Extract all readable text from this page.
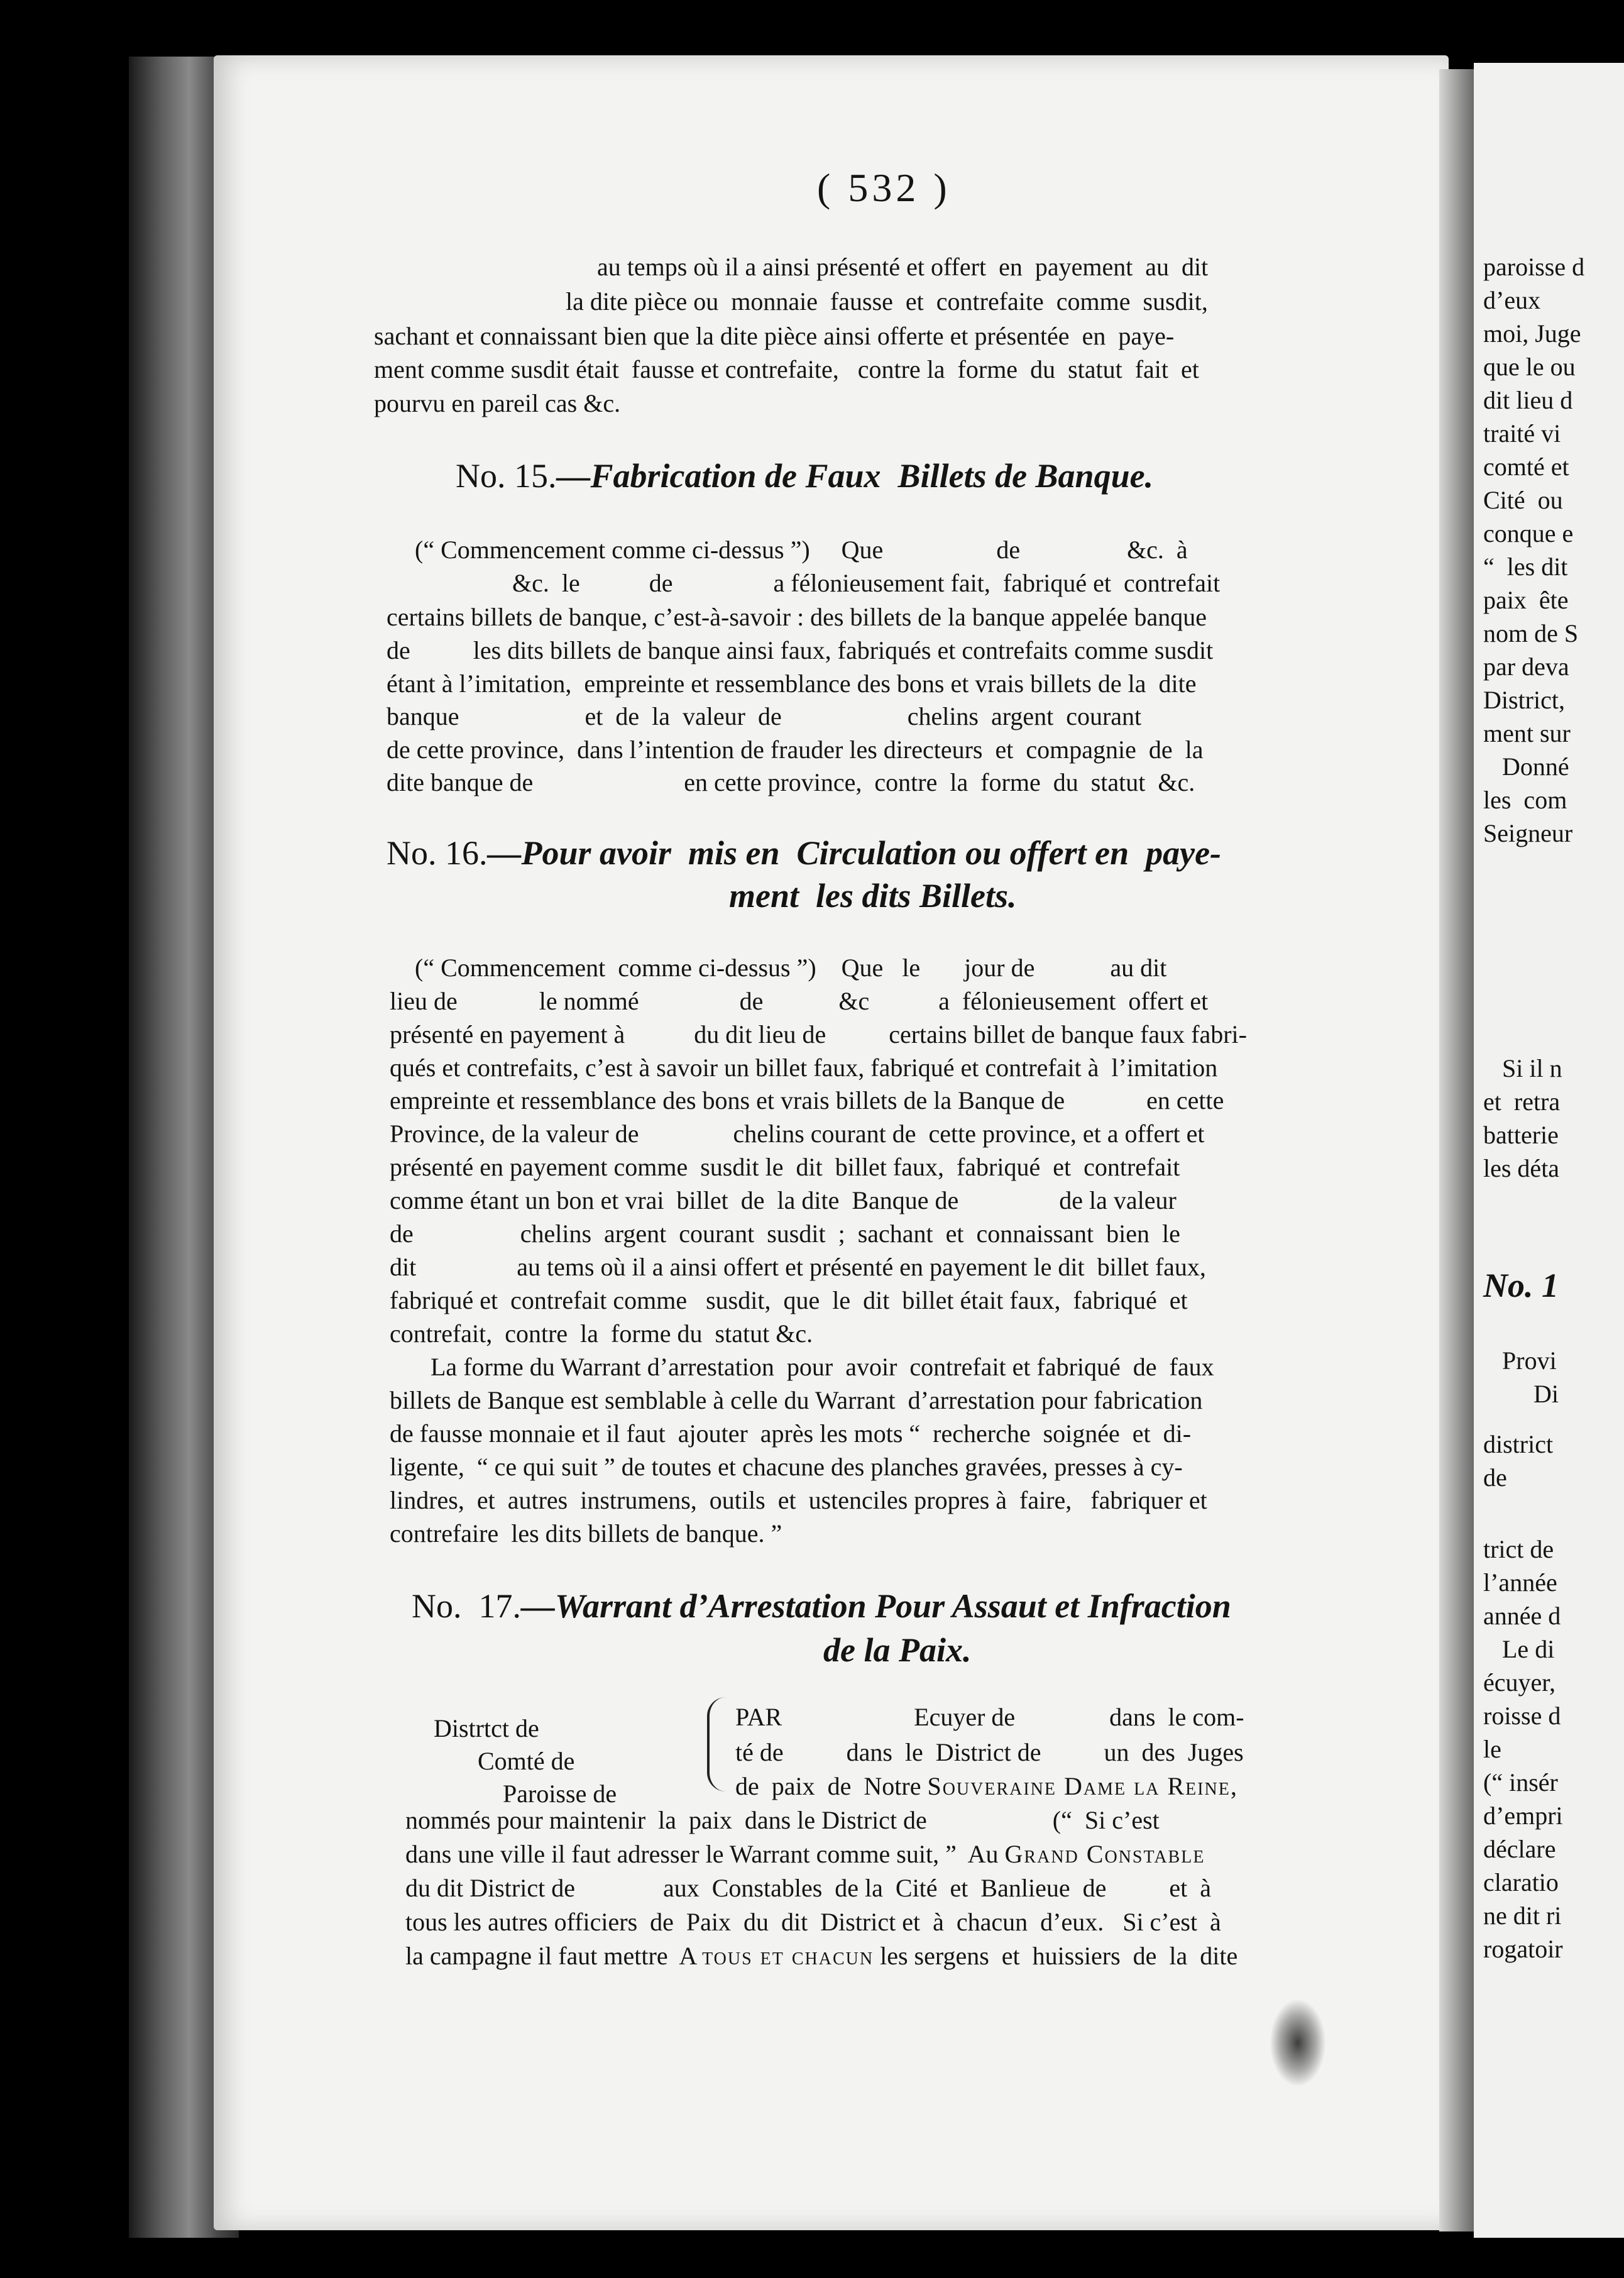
( 532 )
au temps où il a ainsi présenté et offert  en  payement  au  dit
la dite pièce ou  monnaie  fausse  et  contrefaite  comme  susdit,
sachant et connaissant bien que la dite pièce ainsi offerte et présentée  en  paye-
ment comme susdit était  fausse et contrefaite,   contre la  forme  du  statut  fait  et
pourvu en pareil cas &c.
No. 15.—Fabrication de Faux  Billets de Banque.
(“ Commencement comme ci-dessus ”)     Que                  de                 &c.  à
&c.  le           de                a félonieusement fait,  fabriqué et  contrefait
certains billets de banque, c’est-à-savoir : des billets de la banque appelée banque
de          les dits billets de banque ainsi faux, fabriqués et contrefaits comme susdit
étant à l’imitation,  empreinte et ressemblance des bons et vrais billets de la  dite
banque                    et  de  la  valeur  de                    chelins  argent  courant
de cette province,  dans l’intention de frauder les directeurs  et  compagnie  de  la
dite banque de                        en cette province,  contre  la  forme  du  statut  &c.
No. 16.—Pour avoir  mis en  Circulation ou offert en  paye-
ment  les dits Billets.
(“ Commencement  comme ci-dessus ”)    Que   le       jour de            au dit
lieu de             le nommé                de            &c           a  félonieusement  offert et
présenté en payement à           du dit lieu de          certains billet de banque faux fabri-
qués et contrefaits, c’est à savoir un billet faux, fabriqué et contrefait à  l’imitation
empreinte et ressemblance des bons et vrais billets de la Banque de             en cette
Province, de la valeur de               chelins courant de  cette province, et a offert et
présenté en payement comme  susdit le  dit  billet faux,  fabriqué  et  contrefait
comme étant un bon et vrai  billet  de  la dite  Banque de                de la valeur
de                 chelins  argent  courant  susdit  ;  sachant  et  connaissant  bien  le
dit                au tems où il a ainsi offert et présenté en payement le dit  billet faux,
fabriqué et  contrefait comme   susdit,  que  le  dit  billet était faux,  fabriqué  et
contrefait,  contre  la  forme du  statut &c.
La forme du Warrant d’arrestation  pour  avoir  contrefait et fabriqué  de  faux
billets de Banque est semblable à celle du Warrant  d’arrestation pour fabrication
de fausse monnaie et il faut  ajouter  après les mots “  recherche  soignée  et  di-
ligente,  “ ce qui suit ” de toutes et chacune des planches gravées, presses à cy-
lindres,  et  autres  instrumens,  outils  et  ustenciles propres à  faire,   fabriquer et
contrefaire  les dits billets de banque. ”
No.  17.—Warrant d’Arrestation Pour Assaut et Infraction
de la Paix.
Distrtct de
Comté de
Paroisse de
PAR                     Ecuyer de               dans  le com-
té de          dans  le  District de          un  des  Juges
de  paix  de  Notre Souveraine Dame la Reine,
nommés pour maintenir  la  paix  dans le District de                    (“  Si c’est
dans une ville il faut adresser le Warrant comme suit, ”  Au Grand Constable
du dit District de              aux  Constables  de la  Cité  et  Banlieue  de          et  à
tous les autres officiers  de  Paix  du  dit  District et  à  chacun  d’eux.   Si c’est  à
la campagne il faut mettre  A tous et chacun les sergens  et  huissiers  de  la  dite
paroisse d
d’eux
moi, Juge
que le ou
dit lieu d
traité vi
comté et
Cité  ou
conque e
“  les dit
paix  ête
nom de S
par deva
District,
ment sur
Donné
les  com
Seigneur
Si il n
et  retra
batterie
les déta
No. 1
Provi
Di
district
de
trict de
l’année
année d
Le di
écuyer,
roisse d
le
(“ insér
d’empri
déclare
claratio
ne dit ri
rogatoir
